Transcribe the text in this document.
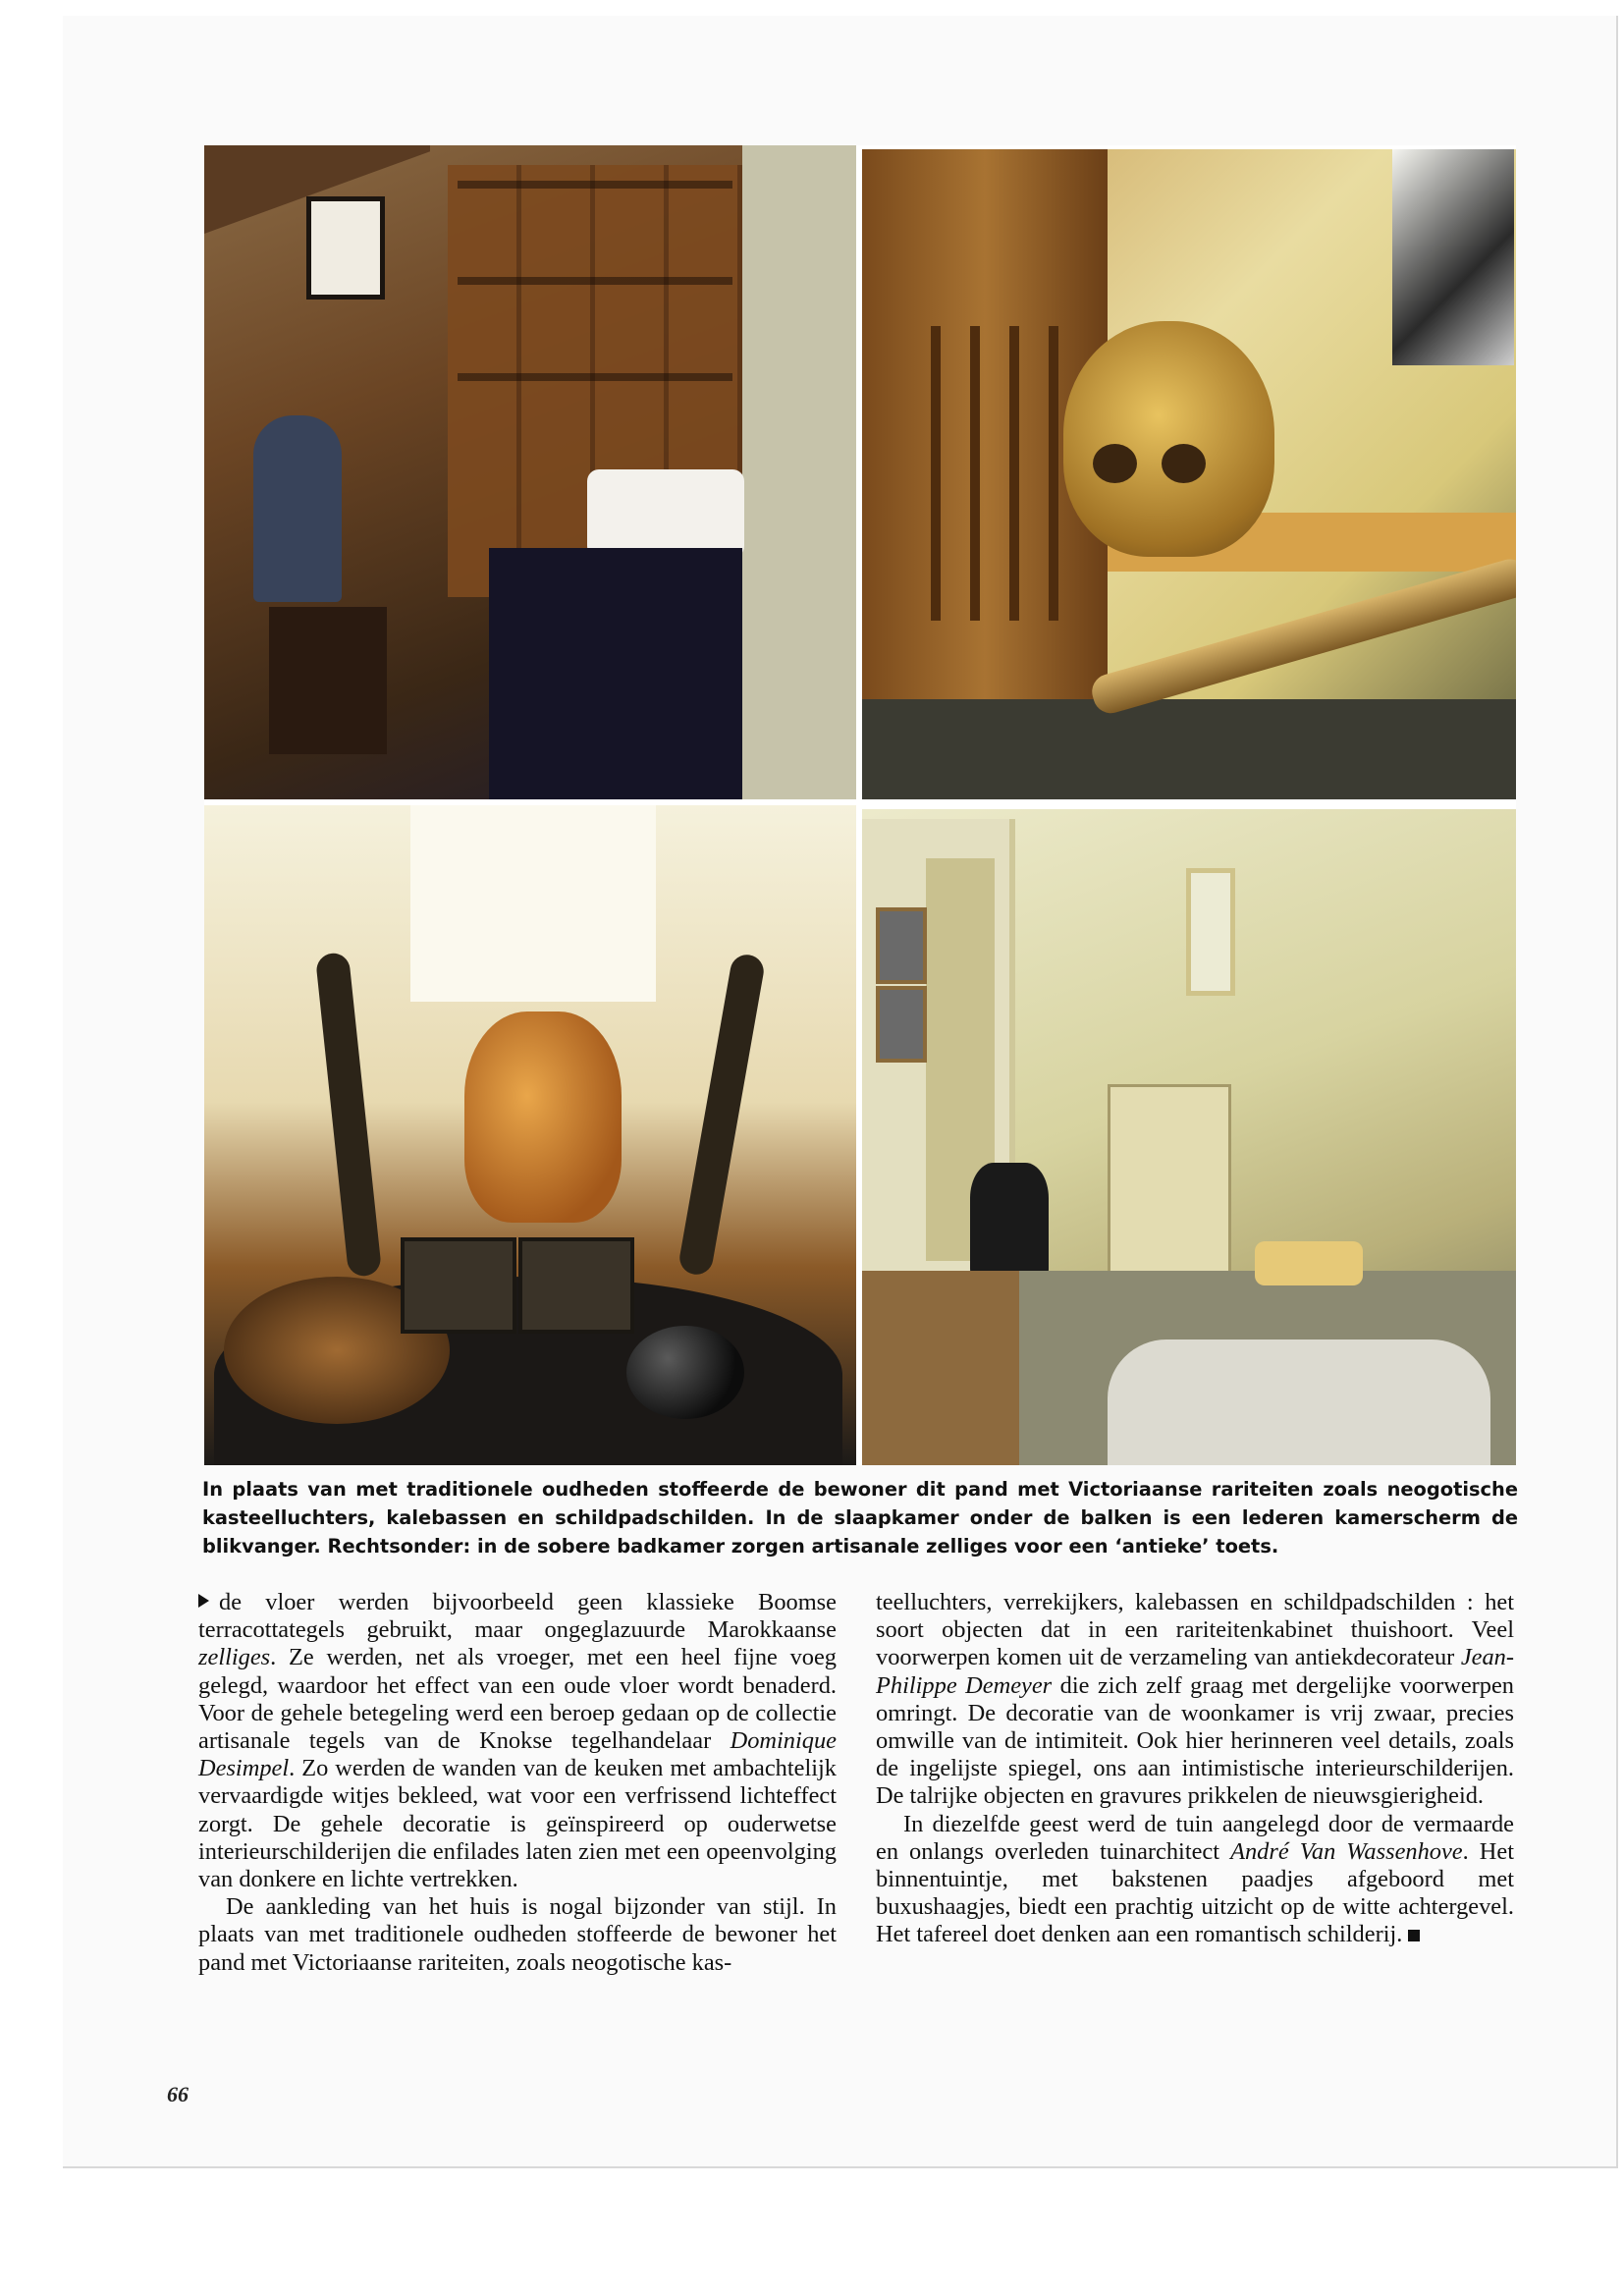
In plaats van met traditionele oudheden stoffeerde de bewoner dit pand met Victoriaanse rariteiten zoals neogotische kasteelluchters, kalebassen en schildpadschilden. In de slaapkamer onder de balken is een lederen kamerscherm de blikvanger. Rechtsonder: in de sobere badkamer zorgen artisanale zelliges voor een ‘antieke’ toets.

de vloer werden bijvoorbeeld geen klassieke Boomse terracottategels gebruikt, maar ongeglazuurde Marokkaanse zelliges. Ze werden, net als vroeger, met een heel fijne voeg gelegd, waardoor het effect van een oude vloer wordt benaderd. Voor de gehele betegeling werd een beroep gedaan op de collectie artisanale tegels van de Knokse tegelhandelaar Dominique Desimpel. Zo werden de wanden van de keuken met ambachtelijk vervaardigde witjes bekleed, wat voor een verfrissend lichteffect zorgt. De gehele decoratie is geïnspireerd op ouderwetse interieurschilderijen die enfilades laten zien met een opeenvolging van donkere en lichte vertrekken.

De aankleding van het huis is nogal bijzonder van stijl. In plaats van met traditionele oudheden stoffeerde de bewoner het pand met Victoriaanse rariteiten, zoals neogotische kas-

teelluchters, verrekijkers, kalebassen en schildpadschilden : het soort objecten dat in een rariteitenkabinet thuishoort. Veel voorwerpen komen uit de verzameling van antiekdecorateur Jean-Philippe Demeyer die zich zelf graag met dergelijke voorwerpen omringt. De decoratie van de woonkamer is vrij zwaar, precies omwille van de intimiteit. Ook hier herinneren veel details, zoals de ingelijste spiegel, ons aan intimistische interieurschilderijen. De talrijke objecten en gravures prikkelen de nieuwsgierigheid.

In diezelfde geest werd de tuin aangelegd door de vermaarde en onlangs overleden tuinarchitect André Van Wassenhove. Het binnentuintje, met bakstenen paadjes afgeboord met buxushaagjes, biedt een prachtig uitzicht op de witte achtergevel. Het tafereel doet denken aan een romantisch schilderij.

66
